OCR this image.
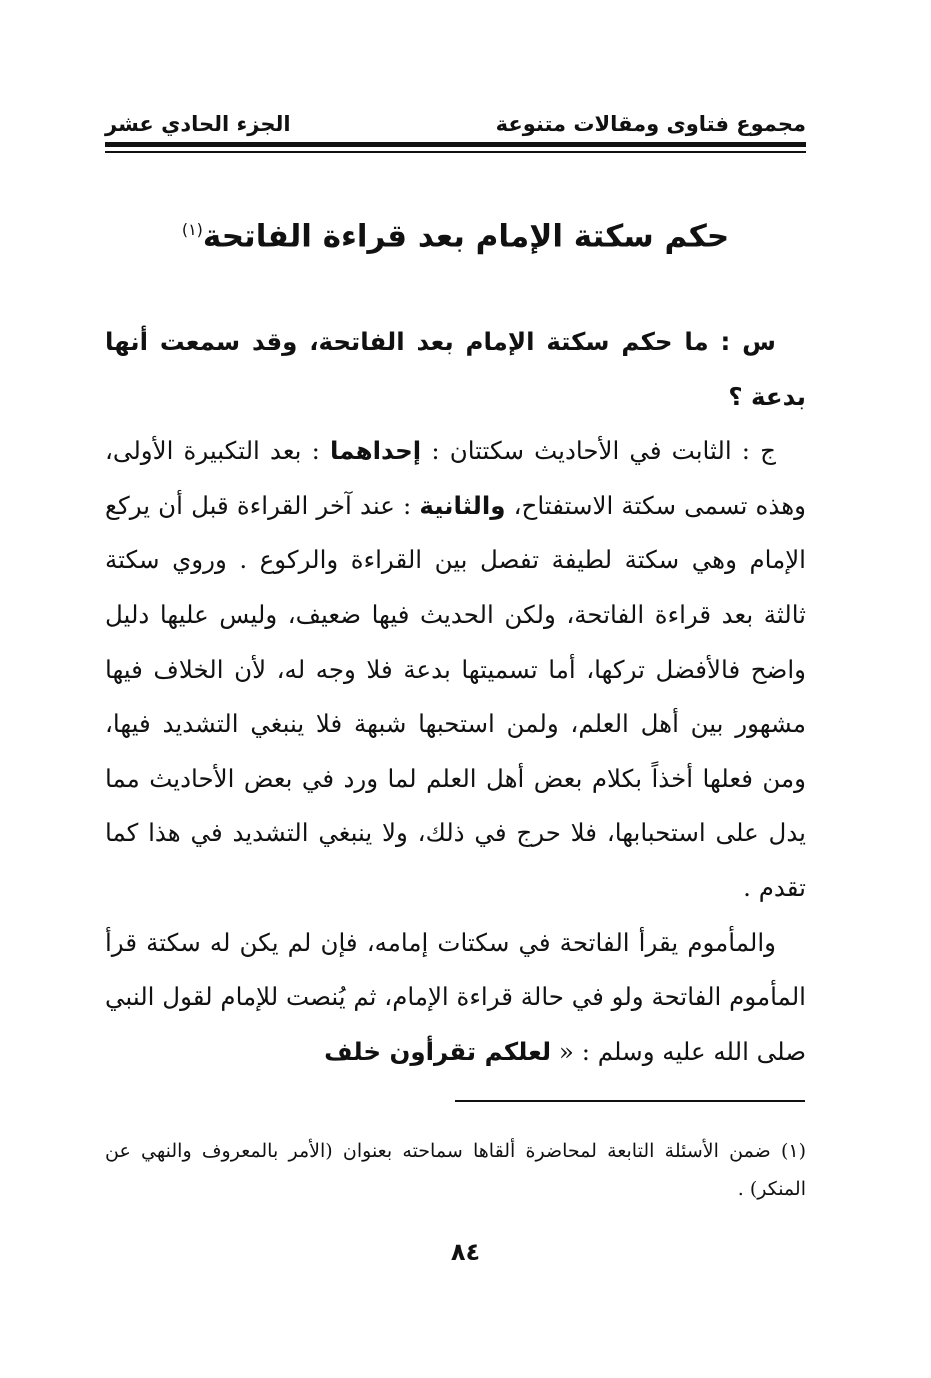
مجموع فتاوى ومقالات متنوعة
الجزء الحادي عشر
حكم سكتة الإمام بعد قراءة الفاتحة$^{(١)}$

س : ما حكم سكتة الإمام بعد الفاتحة، وقد سمعت أنها بدعة ؟

ج : الثابت في الأحاديث سكتتان : إحداهما : بعد التكبيرة الأولى، وهذه تسمى سكتة الاستفتاح، والثانية : عند آخر القراءة قبل أن يركع الإمام وهي سكتة لطيفة تفصل بين القراءة والركوع . وروي سكتة ثالثة بعد قراءة الفاتحة، ولكن الحديث فيها ضعيف، وليس عليها دليل واضح فالأفضل تركها، أما تسميتها بدعة فلا وجه له، لأن الخلاف فيها مشهور بين أهل العلم، ولمن استحبها شبهة فلا ينبغي التشديد فيها، ومن فعلها أخذاً بكلام بعض أهل العلم لما ورد في بعض الأحاديث مما يدل على استحبابها، فلا حرج في ذلك، ولا ينبغي التشديد في هذا كما تقدم .

والمأموم يقرأ الفاتحة في سكتات إمامه، فإن لم يكن له سكتة قرأ المأموم الفاتحة ولو في حالة قراءة الإمام، ثم يُنصت للإمام لقول النبي صلى الله عليه وسلم : « لعلكم تقرأون خلف

(١) ضمن الأسئلة التابعة لمحاضرة ألقاها سماحته بعنوان (الأمر بالمعروف والنهي عن المنكر) .
٨٤
